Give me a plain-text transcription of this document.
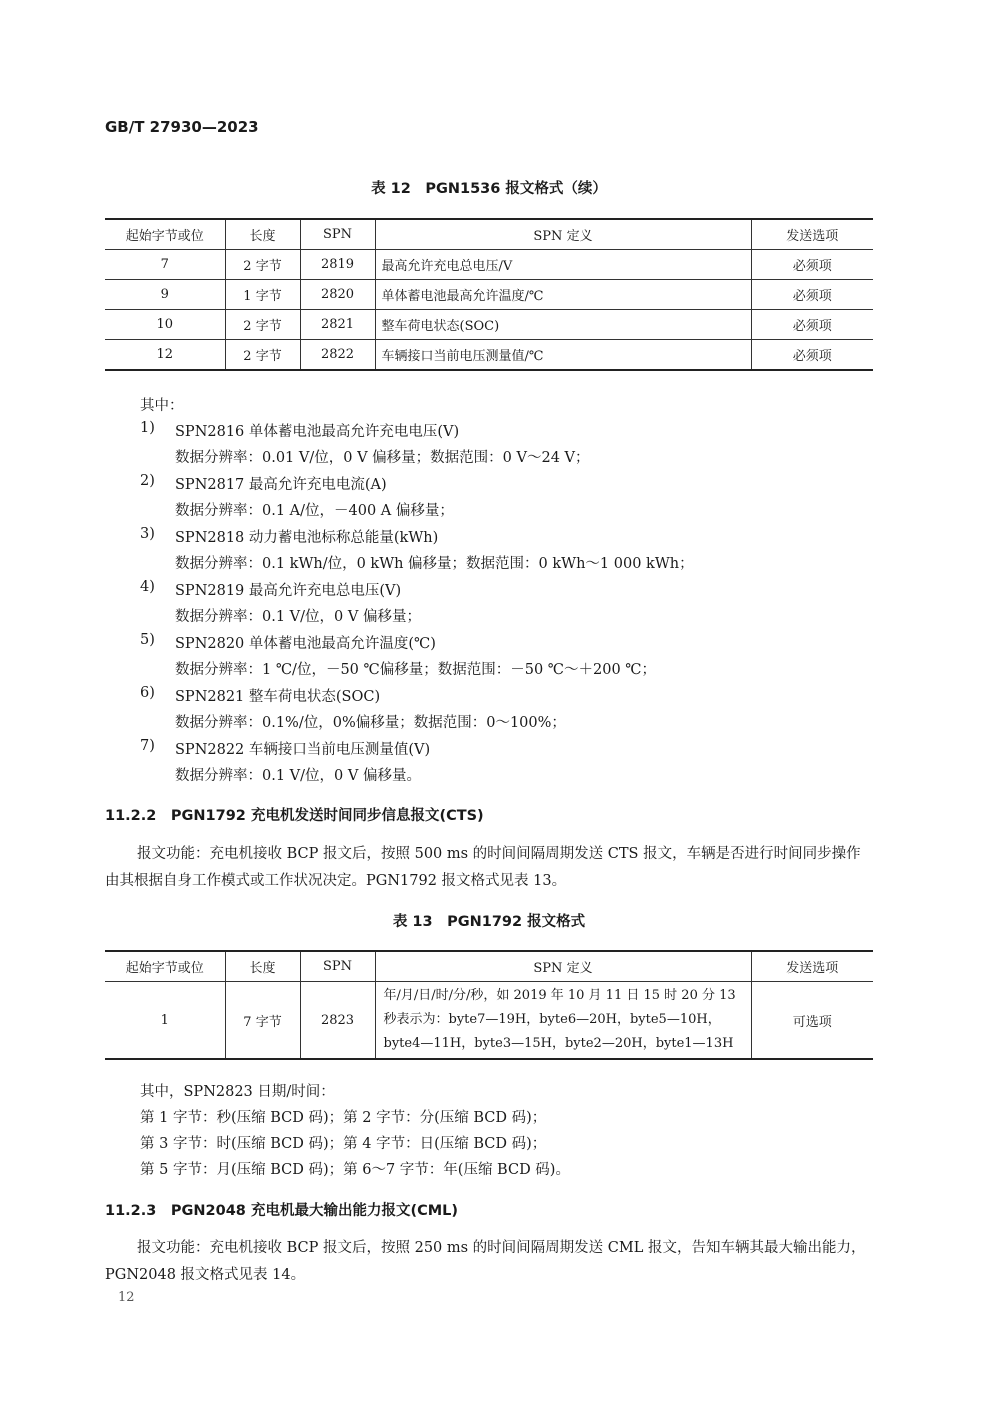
GB/T 27930—2023
表 12　PGN1536 报文格式（续）
起始字节或位	长度	SPN	SPN 定义	发送选项
7	2 字节	2819	最高允许充电总电压/V	必须项
9	1 字节	2820	单体蓄电池最高允许温度/℃	必须项
10	2 字节	2821	整车荷电状态(SOC)	必须项
12	2 字节	2822	车辆接口当前电压测量值/℃	必须项
其中：
1) SPN2816 单体蓄电池最高允许充电电压(V)
数据分辨率：0.01 V/位，0 V 偏移量；数据范围：0 V～24 V；
2) SPN2817 最高允许充电电流(A)
数据分辨率：0.1 A/位，－400 A 偏移量；
3) SPN2818 动力蓄电池标称总能量(kWh)
数据分辨率：0.1 kWh/位，0 kWh 偏移量；数据范围：0 kWh～1 000 kWh；
4) SPN2819 最高允许充电总电压(V)
数据分辨率：0.1 V/位，0 V 偏移量；
5) SPN2820 单体蓄电池最高允许温度(℃)
数据分辨率：1 ℃/位，－50 ℃偏移量；数据范围：－50 ℃～＋200 ℃；
6) SPN2821 整车荷电状态(SOC)
数据分辨率：0.1%/位，0%偏移量；数据范围：0～100%；
7) SPN2822 车辆接口当前电压测量值(V)
数据分辨率：0.1 V/位，0 V 偏移量。
11.2.2　PGN1792 充电机发送时间同步信息报文(CTS)
报文功能：充电机接收 BCP 报文后，按照 500 ms 的时间间隔周期发送 CTS 报文，车辆是否进行时间同步操作由其根据自身工作模式或工作状况决定。PGN1792 报文格式见表 13。
表 13　PGN1792 报文格式
起始字节或位	长度	SPN	SPN 定义	发送选项
1	7 字节	2823	年/月/日/时/分/秒，如 2019 年 10 月 11 日 15 时 20 分 13 秒表示为：byte7—19H，byte6—20H，byte5—10H，byte4—11H，byte3—15H，byte2—20H，byte1—13H	可选项
其中，SPN2823 日期/时间：
第 1 字节：秒(压缩 BCD 码)；第 2 字节：分(压缩 BCD 码)；
第 3 字节：时(压缩 BCD 码)；第 4 字节：日(压缩 BCD 码)；
第 5 字节：月(压缩 BCD 码)；第 6～7 字节：年(压缩 BCD 码)。
11.2.3　PGN2048 充电机最大输出能力报文(CML)
报文功能：充电机接收 BCP 报文后，按照 250 ms 的时间间隔周期发送 CML 报文，告知车辆其最大输出能力，PGN2048 报文格式见表 14。
12
